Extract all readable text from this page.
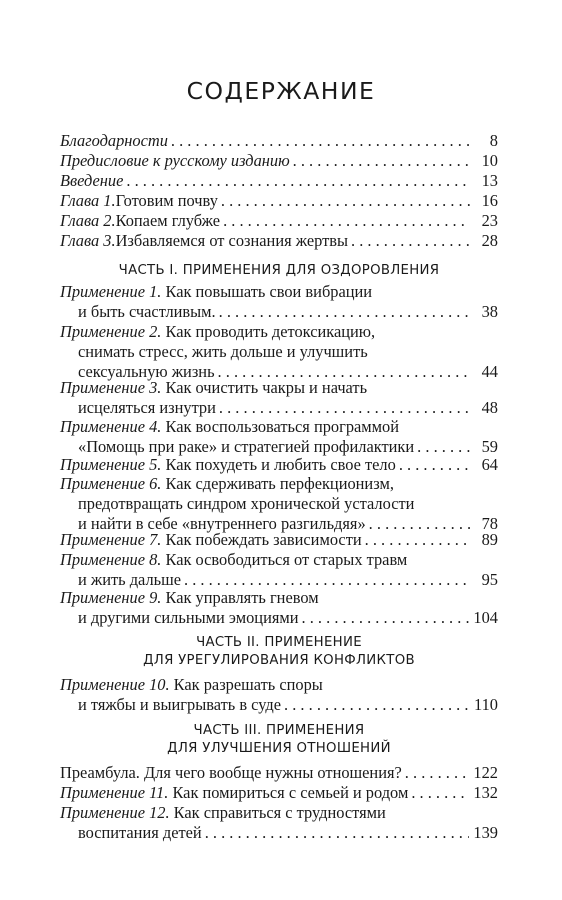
СОДЕРЖАНИЕ
Благодарности . . .	8
Предисловие к русскому изданию . . .	10
Введение . . .	13
Глава 1. Готовим почву . . .	16
Глава 2. Копаем глубже . . .	23
Глава 3. Избавляемся от сознания жертвы . . .	28
ЧАСТЬ I. ПРИМЕНЕНИЯ ДЛЯ ОЗДОРОВЛЕНИЯ
Применение 1.
Как повышать свои вибрации
и быть счастливым. . . .	38
Применение 2.
Как проводить детоксикацию,
снимать стресс, жить дольше и улучшить
сексуальную жизнь . . .	44
Применение 3.
Как очистить чакры и начать
исцеляться изнутри . . .	48
Применение 4.
Как воспользоваться программой
«Помощь при раке» и стратегией профилактики . . .	59
Применение 5.
Как похудеть и любить свое тело . . .	64
Применение 6.
Как сдерживать перфекционизм,
предотвращать синдром хронической усталости
и найти в себе «внутреннего разгильдяя» . . .	78
Применение 7.
Как побеждать зависимости . . .	89
Применение 8.
Как освободиться от старых травм
и жить дальше . . .	95
Применение 9.
Как управлять гневом
и другими сильными эмоциями . . .	104
ЧАСТЬ II. ПРИМЕНЕНИЕ
ДЛЯ УРЕГУЛИРОВАНИЯ КОНФЛИКТОВ
Применение 10.
Как разрешать споры
и тяжбы и выигрывать в суде . . .	110
ЧАСТЬ III. ПРИМЕНЕНИЯ
ДЛЯ УЛУЧШЕНИЯ ОТНОШЕНИЙ
Преамбула. Для чего вообще нужны отношения? . . .	122
Применение 11.
Как помириться с семьей и родом . . .	132
Применение 12.
Как справиться с трудностями
воспитания детей . . .	139
